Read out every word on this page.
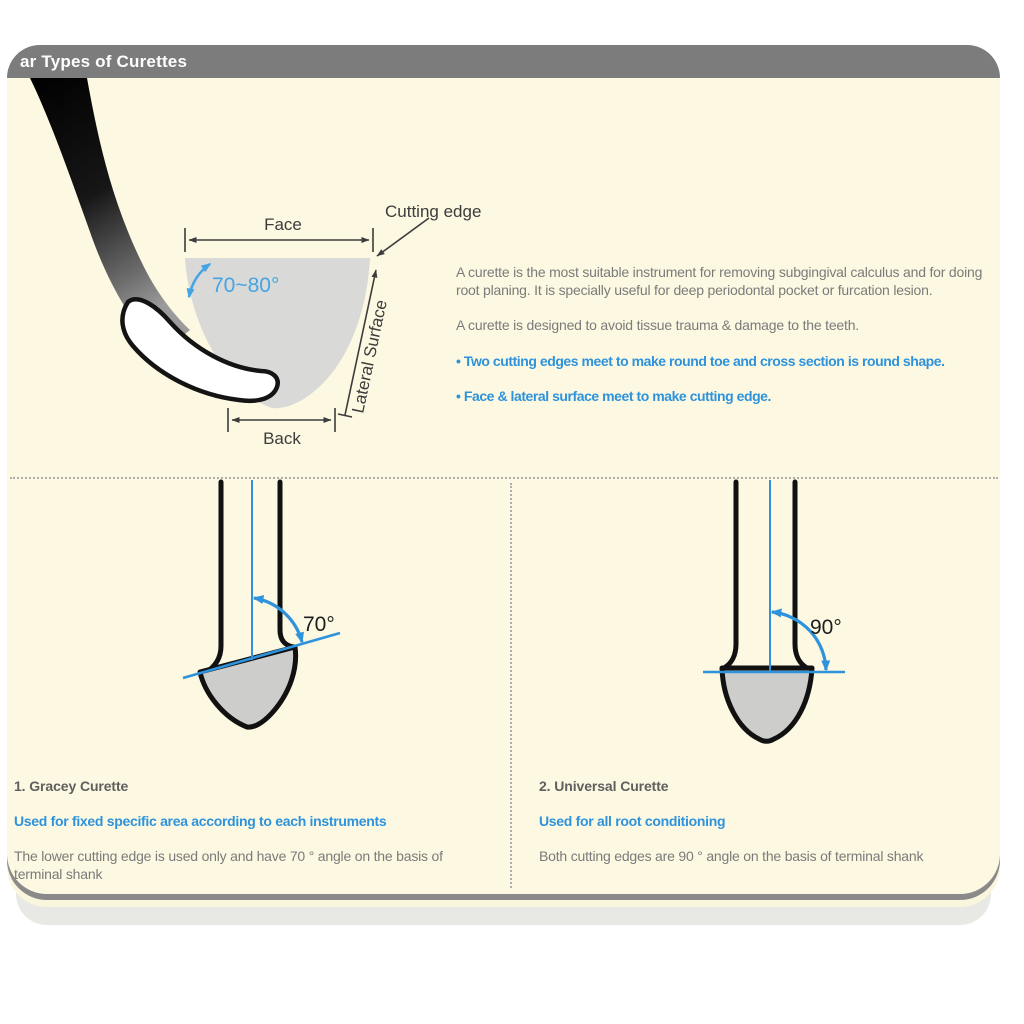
ar Types of Curettes
Face
Cutting edge
70~80°
Lateral Surface
Back

A curette is the most suitable instrument for removing subgingival calculus and for doing root planing. It is specially useful for deep periodontal pocket or furcation lesion.

A curette is designed to avoid tissue trauma & damage to the teeth.

• Two cutting edges meet to make round toe and cross section is round shape.

• Face & lateral surface meet to make cutting edge.

70°	90°
1. Gracey Curette
Used for fixed specific area according to each instruments
The lower cutting edge is used only and have 70 ° angle on the basis of terminal shank
2. Universal Curette
Used for all root conditioning
Both cutting edges are 90 ° angle on the basis of terminal shank
